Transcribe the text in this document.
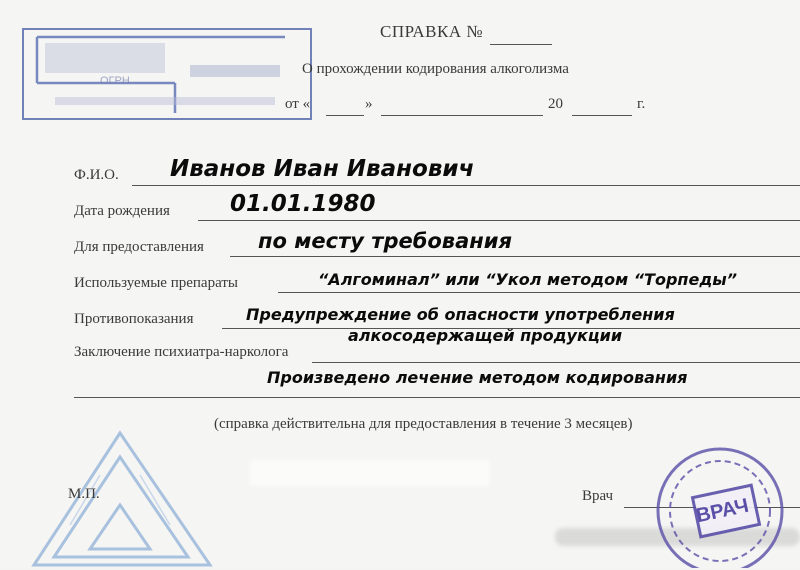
ОГРН
СПРАВКА №
О прохождении кодирования алкоголизма
от «	»	20	г.
Ф.И.О. Иванов Иван Иванович
Дата рождения	01.01.1980
Для предоставления	по месту требования
Используемые препараты	“Алгоминал” или “Укол методом “Торпеды”
Противопоказания	Предупреждение об опасности употребления
алкосодержащей продукции
Заключение психиатра-нарколога
Произведено лечение методом кодирования
(справка действительна для предоставления в течение 3 месяцев)
М.П.	Врач	ВРАЧ
